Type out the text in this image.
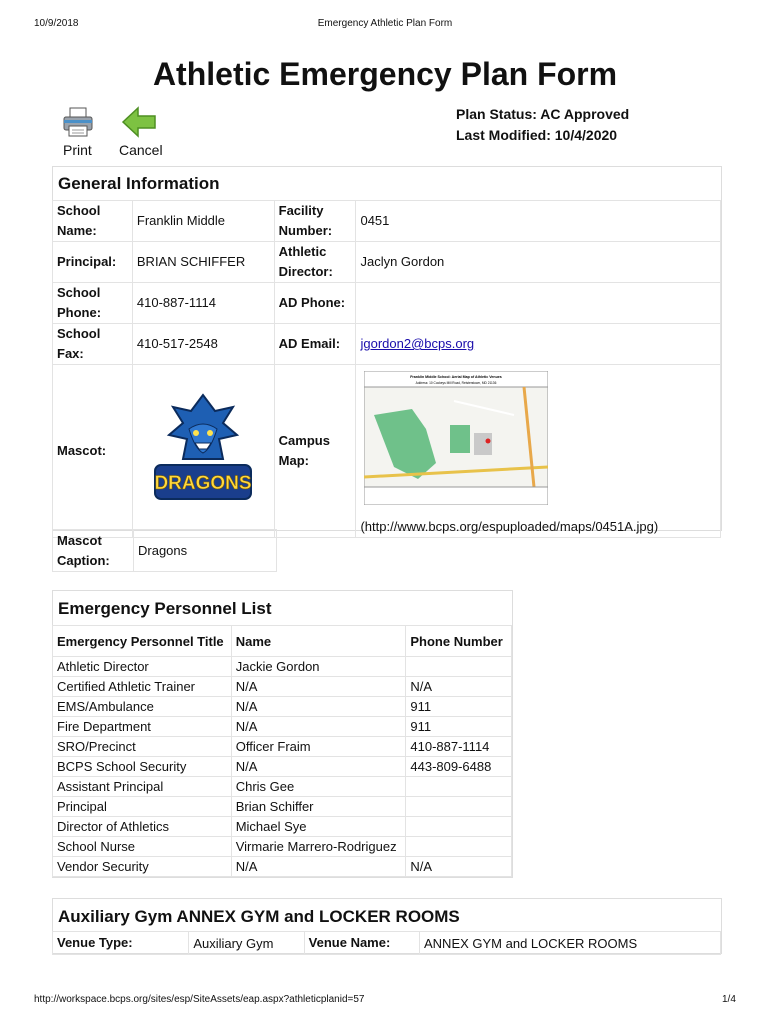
10/9/2018	Emergency Athletic Plan Form
http://workspace.bcps.org/sites/esp/SiteAssets/eap.aspx?athleticplanid=57	1/4
Athletic Emergency Plan Form
Plan Status: AC Approved
Last Modified: 10/4/2020
Print Cancel
General Information
School Name:	Franklin Middle	Facility Number:	0451
Principal:	BRIAN SCHIFFER	Athletic Director:	Jaclyn Gordon
School Phone:	410-887-1114	AD Phone:	
School Fax:	410-517-2548	AD Email:	jgordon2@bcps.org
Mascot:	DRAGONS	Campus Map:	Franklin Middle School: Aerial Map of Athletic Venues
Address: 10 Cockeys Mill Road, Reisterstown, MD 21136
(http://www.bcps.org/espuploaded/maps/0451A.jpg)
Mascot Caption:	Dragons
Emergency Personnel List
Emergency Personnel Title	Name	Phone Number
Athletic Director	Jackie Gordon	
Certified Athletic Trainer	N/A	N/A
EMS/Ambulance	N/A	911
Fire Department	N/A	911
SRO/Precinct	Officer Fraim	410-887-1114
BCPS School Security	N/A	443-809-6488
Assistant Principal	Chris Gee	
Principal	Brian Schiffer	
Director of Athletics	Michael Sye	
School Nurse	Virmarie Marrero-Rodriguez	
Vendor Security	N/A	N/A
Auxiliary Gym ANNEX GYM and LOCKER ROOMS
Venue Type:	Auxiliary Gym	Venue Name:	ANNEX GYM and LOCKER ROOMS
